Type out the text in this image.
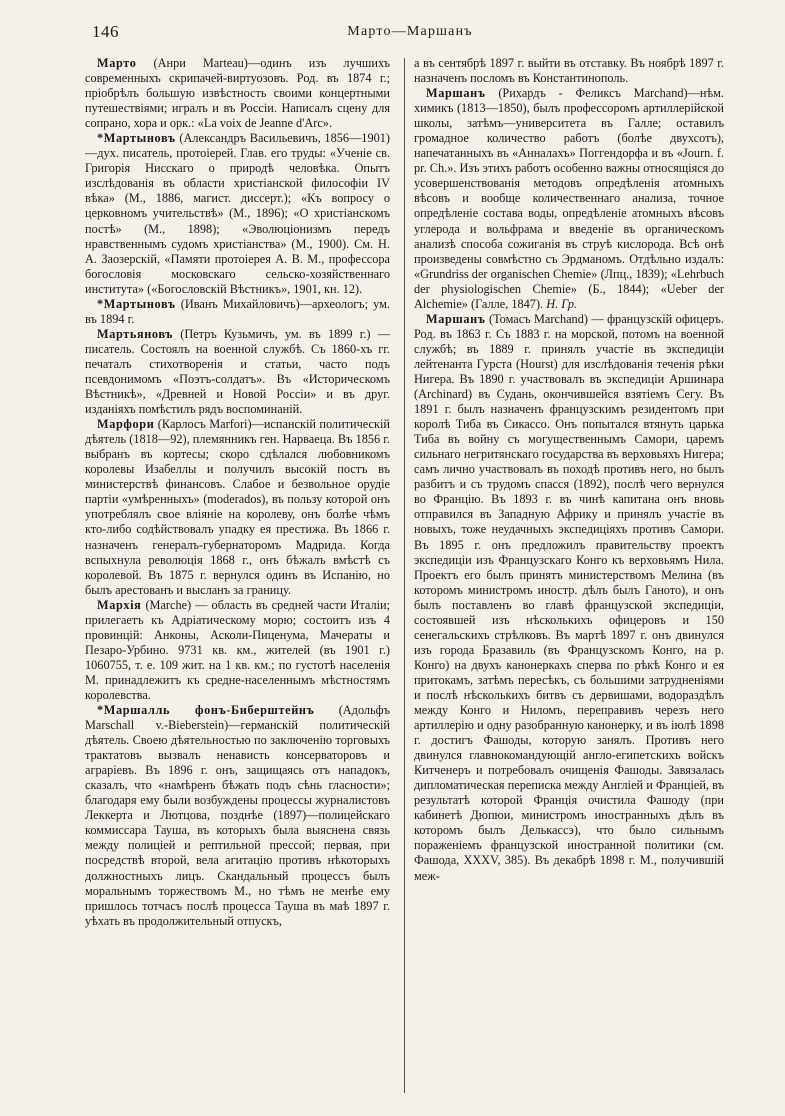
146	Марто—Маршанъ

Марто (Анри Marteau)—одинъ изъ лучшихъ современныхъ скрипачей-виртуозовъ. Род. въ 1874 г.; пріобрѣлъ большую извѣстность своими концертными путешествіями; игралъ и въ Россіи. Написалъ сцену для сопрано, хора и орк.: «La voix de Jeanne d'Arc».

*Мартыновъ (Александръ Васильевичъ, 1856—1901)—дух. писатель, протоіерей. Глав. его труды: «Ученіе св. Григорія Нисскаго о природѣ человѣка. Опытъ изслѣдованія въ области христіанской философіи IV вѣка» (М., 1886, магист. диссерт.); «Къ вопросу о церковномъ учительствѣ» (М., 1896); «О христіанскомъ постѣ» (М., 1898); «Эволюціонизмъ передъ нравственнымъ судомъ христіанства» (М., 1900). См. Н. А. Заозерскій, «Памяти протоіерея А. В. М., профессора богословія московскаго сельско-хозяйственнаго института» («Богословскій Вѣстникъ», 1901, кн. 12).

*Мартыновъ (Иванъ Михайловичъ)—археологъ; ум. въ 1894 г.

Мартьяновъ (Петръ Кузьмичъ, ум. въ 1899 г.) — писатель. Состоялъ на военной службѣ. Съ 1860-хъ гг. печаталъ стихотворенія и статьи, часто подъ псевдонимомъ «Поэтъ-солдатъ». Въ «Историческомъ Вѣстникѣ», «Древней и Новой Россіи» и въ друг. изданіяхъ помѣстилъ рядъ воспоминаній.

Марфори (Карлосъ Marfori)—испанскій политическій дѣятель (1818—92), племянникъ ген. Нарваеца. Въ 1856 г. выбранъ въ кортесы; скоро сдѣлался любовникомъ королевы Изабеллы и получилъ высокій постъ въ министерствѣ финансовъ. Слабое и безвольное орудіе партіи «умѣренныхъ» (moderados), въ пользу которой онъ употреблялъ свое вліяніе на королеву, онъ болѣе чѣмъ кто-либо содѣйствовалъ упадку ея престижа. Въ 1866 г. назначенъ генералъ-губернаторомъ Мадрида. Когда вспыхнула революція 1868 г., онъ бѣжалъ вмѣстѣ съ королевой. Въ 1875 г. вернулся одинъ въ Испанію, но былъ арестованъ и высланъ за границу.

Мархія (Marche) — область въ средней части Италіи; прилегаетъ къ Адріатическому морю; состоитъ изъ 4 провинцій: Анконы, Асколи-Пиценума, Мачераты и Пезаро-Урбино. 9731 кв. км., жителей (въ 1901 г.) 1060755, т. е. 109 жит. на 1 кв. км.; по густотѣ населенія М. принадлежитъ къ средне-населеннымъ мѣстностямъ королевства.

*Маршалль фонъ-Биберштейнъ (Адольфъ Marschall v.-Bieberstein)—германскій политическій дѣятель. Своею дѣятельностью по заключенію торговыхъ трактатовъ вызвалъ ненависть консерваторовъ и аграріевъ. Въ 1896 г. онъ, защищаясь отъ нападокъ, сказалъ, что «намѣренъ бѣжать подъ сѣнь гласности»; благодаря ему были возбуждены процессы журналистовъ Леккерта и Лютцова, позднѣе (1897)—полицейскаго коммиссара Тауша, въ которыхъ была выяснена связь между полиціей и рептильной прессой; первая, при посредствѣ второй, вела агитацію противъ нѣкоторыхъ должностныхъ лицъ. Скандальный процессъ былъ моральнымъ торжествомъ М., но тѣмъ не менѣе ему пришлось тотчасъ послѣ процесса Тауша въ маѣ 1897 г. уѣхать въ продолжительный отпускъ,

а въ сентябрѣ 1897 г. выйти въ отставку. Въ ноябрѣ 1897 г. назначенъ посломъ въ Константинополь.

Маршанъ (Рихардъ - Феликсъ Marchand)—нѣм. химикъ (1813—1850), былъ профессоромъ артиллерійской школы, затѣмъ—университета въ Галле; оставилъ громадное количество работъ (болѣе двухсотъ), напечатанныхъ въ «Анналахъ» Поггендорфа и въ «Journ. f. pr. Ch.». Изъ этихъ работъ особенно важны относящіяся до усовершенствованія методовъ опредѣленія атомныхъ вѣсовъ и вообще количественнаго анализа, точное опредѣленіе состава воды, опредѣленіе атомныхъ вѣсовъ углерода и вольфрама и введеніе въ органическомъ анализѣ способа сожиганія въ струѣ кислорода. Всѣ онѣ произведены совмѣстно съ Эрдманомъ. Отдѣльно издалъ: «Grundriss der organischen Chemie» (Лпц., 1839); «Lehrbuch der physiologischen Chemie» (Б., 1844); «Ueber der Alchemie» (Галле, 1847). Н. Гр.

Маршанъ (Томасъ Marchand) — французскій офицеръ. Род. въ 1863 г. Съ 1883 г. на морской, потомъ на военной службѣ; въ 1889 г. принялъ участіе въ экспедиціи лейтенанта Гурста (Hourst) для изслѣдованія теченія рѣки Нигера. Въ 1890 г. участвовалъ въ экспедиціи Аршинара (Archinard) въ Судань, окончившейся взятіемъ Сегу. Въ 1891 г. былъ назначенъ французскимъ резидентомъ при королѣ Тиба въ Сикассо. Онъ попытался втянуть царька Тиба въ войну съ могущественнымъ Самори, царемъ сильнаго негритянскаго государства въ верховьяхъ Нигера; самъ лично участвовалъ въ походѣ противъ него, но былъ разбитъ и съ трудомъ спасся (1892), послѣ чего вернулся во Францію. Въ 1893 г. въ чинѣ капитана онъ вновь отправился въ Западную Африку и принялъ участіе въ новыхъ, тоже неудачныхъ экспедиціяхъ противъ Самори. Въ 1895 г. онъ предложилъ правительству проектъ экспедиціи изъ Французскаго Конго къ верховьямъ Нила. Проектъ его былъ принятъ министерствомъ Мелина (въ которомъ министромъ иностр. дѣлъ былъ Ганото), и онъ былъ поставленъ во главѣ французской экспедиціи, состоявшей изъ нѣсколькихъ офицеровъ и 150 сенегальскихъ стрѣлковъ. Въ мартѣ 1897 г. онъ двинулся изъ города Бразавиль (въ Французскомъ Конго, на р. Конго) на двухъ канонеркахъ сперва по рѣкѣ Конго и ея притокамъ, затѣмъ пересѣкъ, съ большими затрудненіями и послѣ нѣсколькихъ битвъ съ дервишами, водораздѣлъ между Конго и Ниломъ, переправивъ черезъ него артиллерію и одну разобранную канонерку, и въ іюлѣ 1898 г. достигъ Фашоды, которую занялъ. Противъ него двинулся главнокомандующій англо-египетскихъ войскъ Китченеръ и потребовалъ очищенія Фашоды. Завязалась дипломатическая переписка между Англіей и Франціей, въ результатѣ которой Франція очистила Фашоду (при кабинетѣ Дюпюи, министромъ иностранныхъ дѣлъ въ которомъ былъ Делькассэ), что было сильнымъ пораженіемъ французской иностранной политики (см. Фашода, XXXV, 385). Въ декабрѣ 1898 г. М., получившій меж-
